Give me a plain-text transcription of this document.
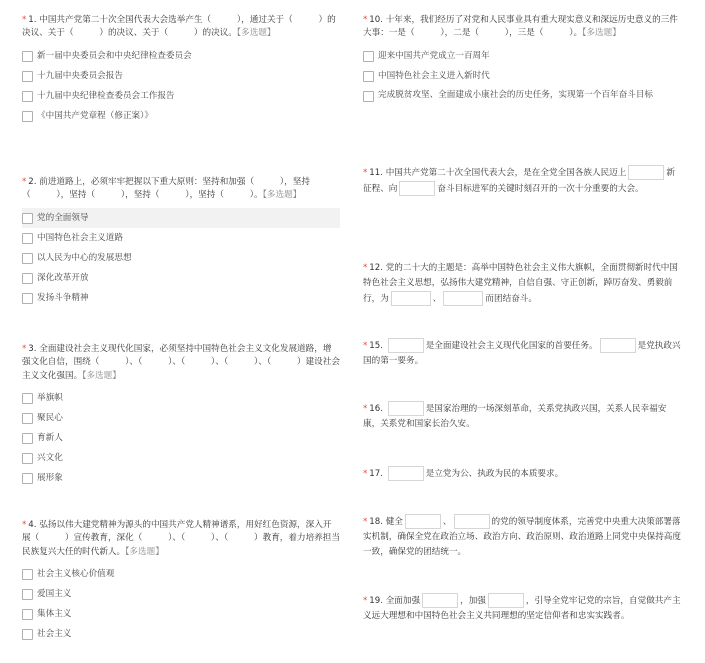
* 1. 中国共产党第二十次全国代表大会选举产生（　　　），通过关于（　　　）的决议、关于（　　　）的决议、关于（　　　）的决议。【多选题】

新一届中央委员会和中央纪律检查委员会
十九届中央委员会报告
十九届中央纪律检查委员会工作报告
《中国共产党章程（修正案）》

* 2. 前进道路上，必须牢牢把握以下重大原则：坚持和加强（　　　），坚持（　　　），坚持（　　　），坚持（　　　），坚持（　　　）。【多选题】

党的全面领导
中国特色社会主义道路
以人民为中心的发展思想
深化改革开放
发扬斗争精神

* 3. 全面建设社会主义现代化国家，必须坚持中国特色社会主义文化发展道路，增强文化自信，围绕（　　　）、（　　　）、（　　　）、（　　　）、（　　　）建设社会主义文化强国。【多选题】

举旗帜
聚民心
育新人
兴文化
展形象

* 4. 弘扬以伟大建党精神为源头的中国共产党人精神谱系，用好红色资源，深入开展（　　　）宣传教育，深化（　　　）、（　　　）、（　　　）教育，着力培养担当民族复兴大任的时代新人。【多选题】

社会主义核心价值观
爱国主义
集体主义
社会主义

* 10. 十年来，我们经历了对党和人民事业具有重大现实意义和深远历史意义的三件大事：一是（　　　），二是（　　　），三是（　　　）。【多选题】

迎来中国共产党成立一百周年
中国特色社会主义进入新时代
完成脱贫攻坚、全面建成小康社会的历史任务，实现第一个百年奋斗目标

* 11. 中国共产党第二十次全国代表大会，是在全党全国各族人民迈上	新征程、向	奋斗目标进军的关键时刻召开的一次十分重要的大会。

* 12. 党的二十大的主题是：高举中国特色社会主义伟大旗帜，全面贯彻新时代中国特色社会主义思想，弘扬伟大建党精神，自信自强、守正创新，踔厉奋发、勇毅前行，为	、	而团结奋斗。

* 15.	是全面建设社会主义现代化国家的首要任务。	是党执政兴国的第一要务。

* 16.	是国家治理的一场深刻革命，关系党执政兴国，关系人民幸福安康，关系党和国家长治久安。

* 17.	是立党为公、执政为民的本质要求。

* 18. 健全	、	的党的领导制度体系，完善党中央重大决策部署落实机制，确保全党在政治立场、政治方向、政治原则、政治道路上同党中央保持高度一致，确保党的团结统一。

* 19. 全面加强	，加强	，引导全党牢记党的宗旨，自觉做共产主义远大理想和中国特色社会主义共同理想的坚定信仰者和忠实实践者。
